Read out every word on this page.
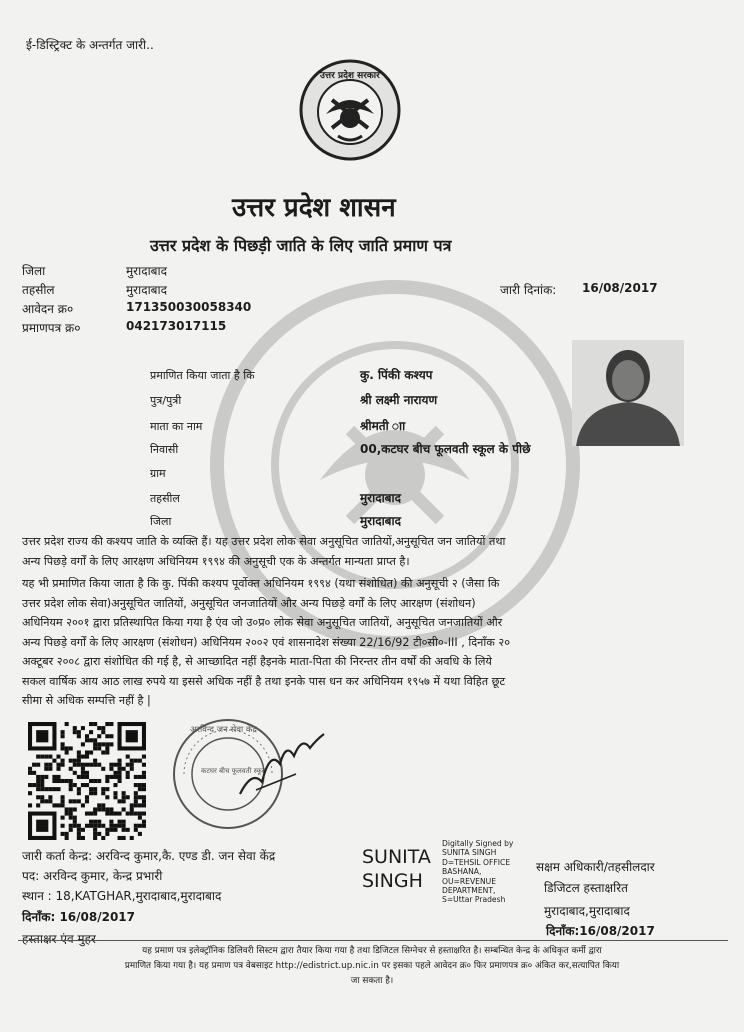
ई-डिस्ट्रिक्ट के अन्तर्गत जारी..
उत्तर प्रदेश सरकार
उत्तर प्रदेश शासन
उत्तर प्रदेश के पिछड़ी जाति के लिए जाति प्रमाण पत्र
जिला	मुरादाबाद
तहसील	मुरादाबाद
आवेदन क्र०	171350030058340
प्रमाणपत्र क्र०	042173017115
जारी दिनांक: 16/08/2017
प्रमाणित किया जाता है कि	कु. पिंकी कश्यप
पुत्र/पुत्री	श्री लक्ष्मी नारायण
माता का नाम	श्रीमती ाा
निवासी	00,कटघर बीच फूलवती स्कूल के पीछे
ग्राम
तहसील	मुरादाबाद
जिला	मुरादाबाद
उत्तर प्रदेश राज्य की कश्यप जाति के व्यक्ति हैं। यह उत्तर प्रदेश लोक सेवा अनुसूचित जातियों,अनुसूचित जन जातियों तथा
अन्य पिछड़े वर्गों के लिए आरक्षण अधिनियम १९९४ की अनुसूची एक के अन्तर्गत मान्यता प्राप्त है।
यह भी प्रमाणित किया जाता है कि कु. पिंकी कश्यप पूर्वोक्त अधिनियम १९९४ (यथा संशोधित) की अनुसूची २ (जैसा कि
उत्तर प्रदेश लोक सेवा)अनुसूचित जातियों, अनुसूचित जनजातियों और अन्य पिछड़े वर्गों के लिए आरक्षण (संशोधन)
अधिनियम २००१ द्वारा प्रतिस्थापित किया गया है एंव जो उ०प्र० लोक सेवा अनुसूचित जातियों, अनुसूचित जनजातियों और
अन्य पिछड़े वर्गों के लिए आरक्षण (संशोधन) अधिनियम २००२ एवं शासनादेश संख्या 22/16/92 टी०सी०-III , दिनाँक २०
अक्टूबर २००८ द्वारा संशोधित की गई है, से आच्छादित नहीं हैइनके माता-पिता की निरन्तर तीन वर्षों की अवधि के लिये
सकल वार्षिक आय आठ लाख रुपये या इससे अधिक नहीं है तथा इनके पास धन कर अधिनियम १९५७ में यथा विहित छूट
सीमा से अधिक सम्पत्ति नहीं है |
अरविन्द जन सेवा केंद्र
कटघर बीच फूलवती स्कूल
जारी कर्ता केन्द्र: अरविन्द कुमार,कै. एण्ड डी. जन सेवा केंद्र
पद: अरविन्द कुमार, केन्द्र प्रभारी
स्थान : 18,KATGHAR,मुरादाबाद,मुरादाबाद
दिनाँक: 16/08/2017
हस्ताक्षर एंव मुहर
SUNITA
SINGH
Digitally Signed by
SUNITA SINGH
D=TEHSIL OFFICE
BASHANA,
OU=REVENUE
DEPARTMENT,
S=Uttar Pradesh
सक्षम अधिकारी/तहसीलदार
डिजिटल हस्ताक्षरित
मुरादाबाद,मुरादाबाद
दिनाँक:16/08/2017
यह प्रमाण पत्र इलेक्ट्रॉनिक डिलिवरी सिस्टम द्वारा तैयार किया गया है तथा डिजिटल सिग्नेचर से हस्ताक्षरित है। सम्बन्धित केन्द्र के अधिकृत कर्मी द्वारा
प्रमाणित किया गया है। यह प्रमाण पत्र वेबसाइट http://edistrict.up.nic.in पर इसका पहले आवेदन क्र० फिर प्रमाणपत्र क्र० अंकित कर,सत्यापित किया
जा सकता है।
